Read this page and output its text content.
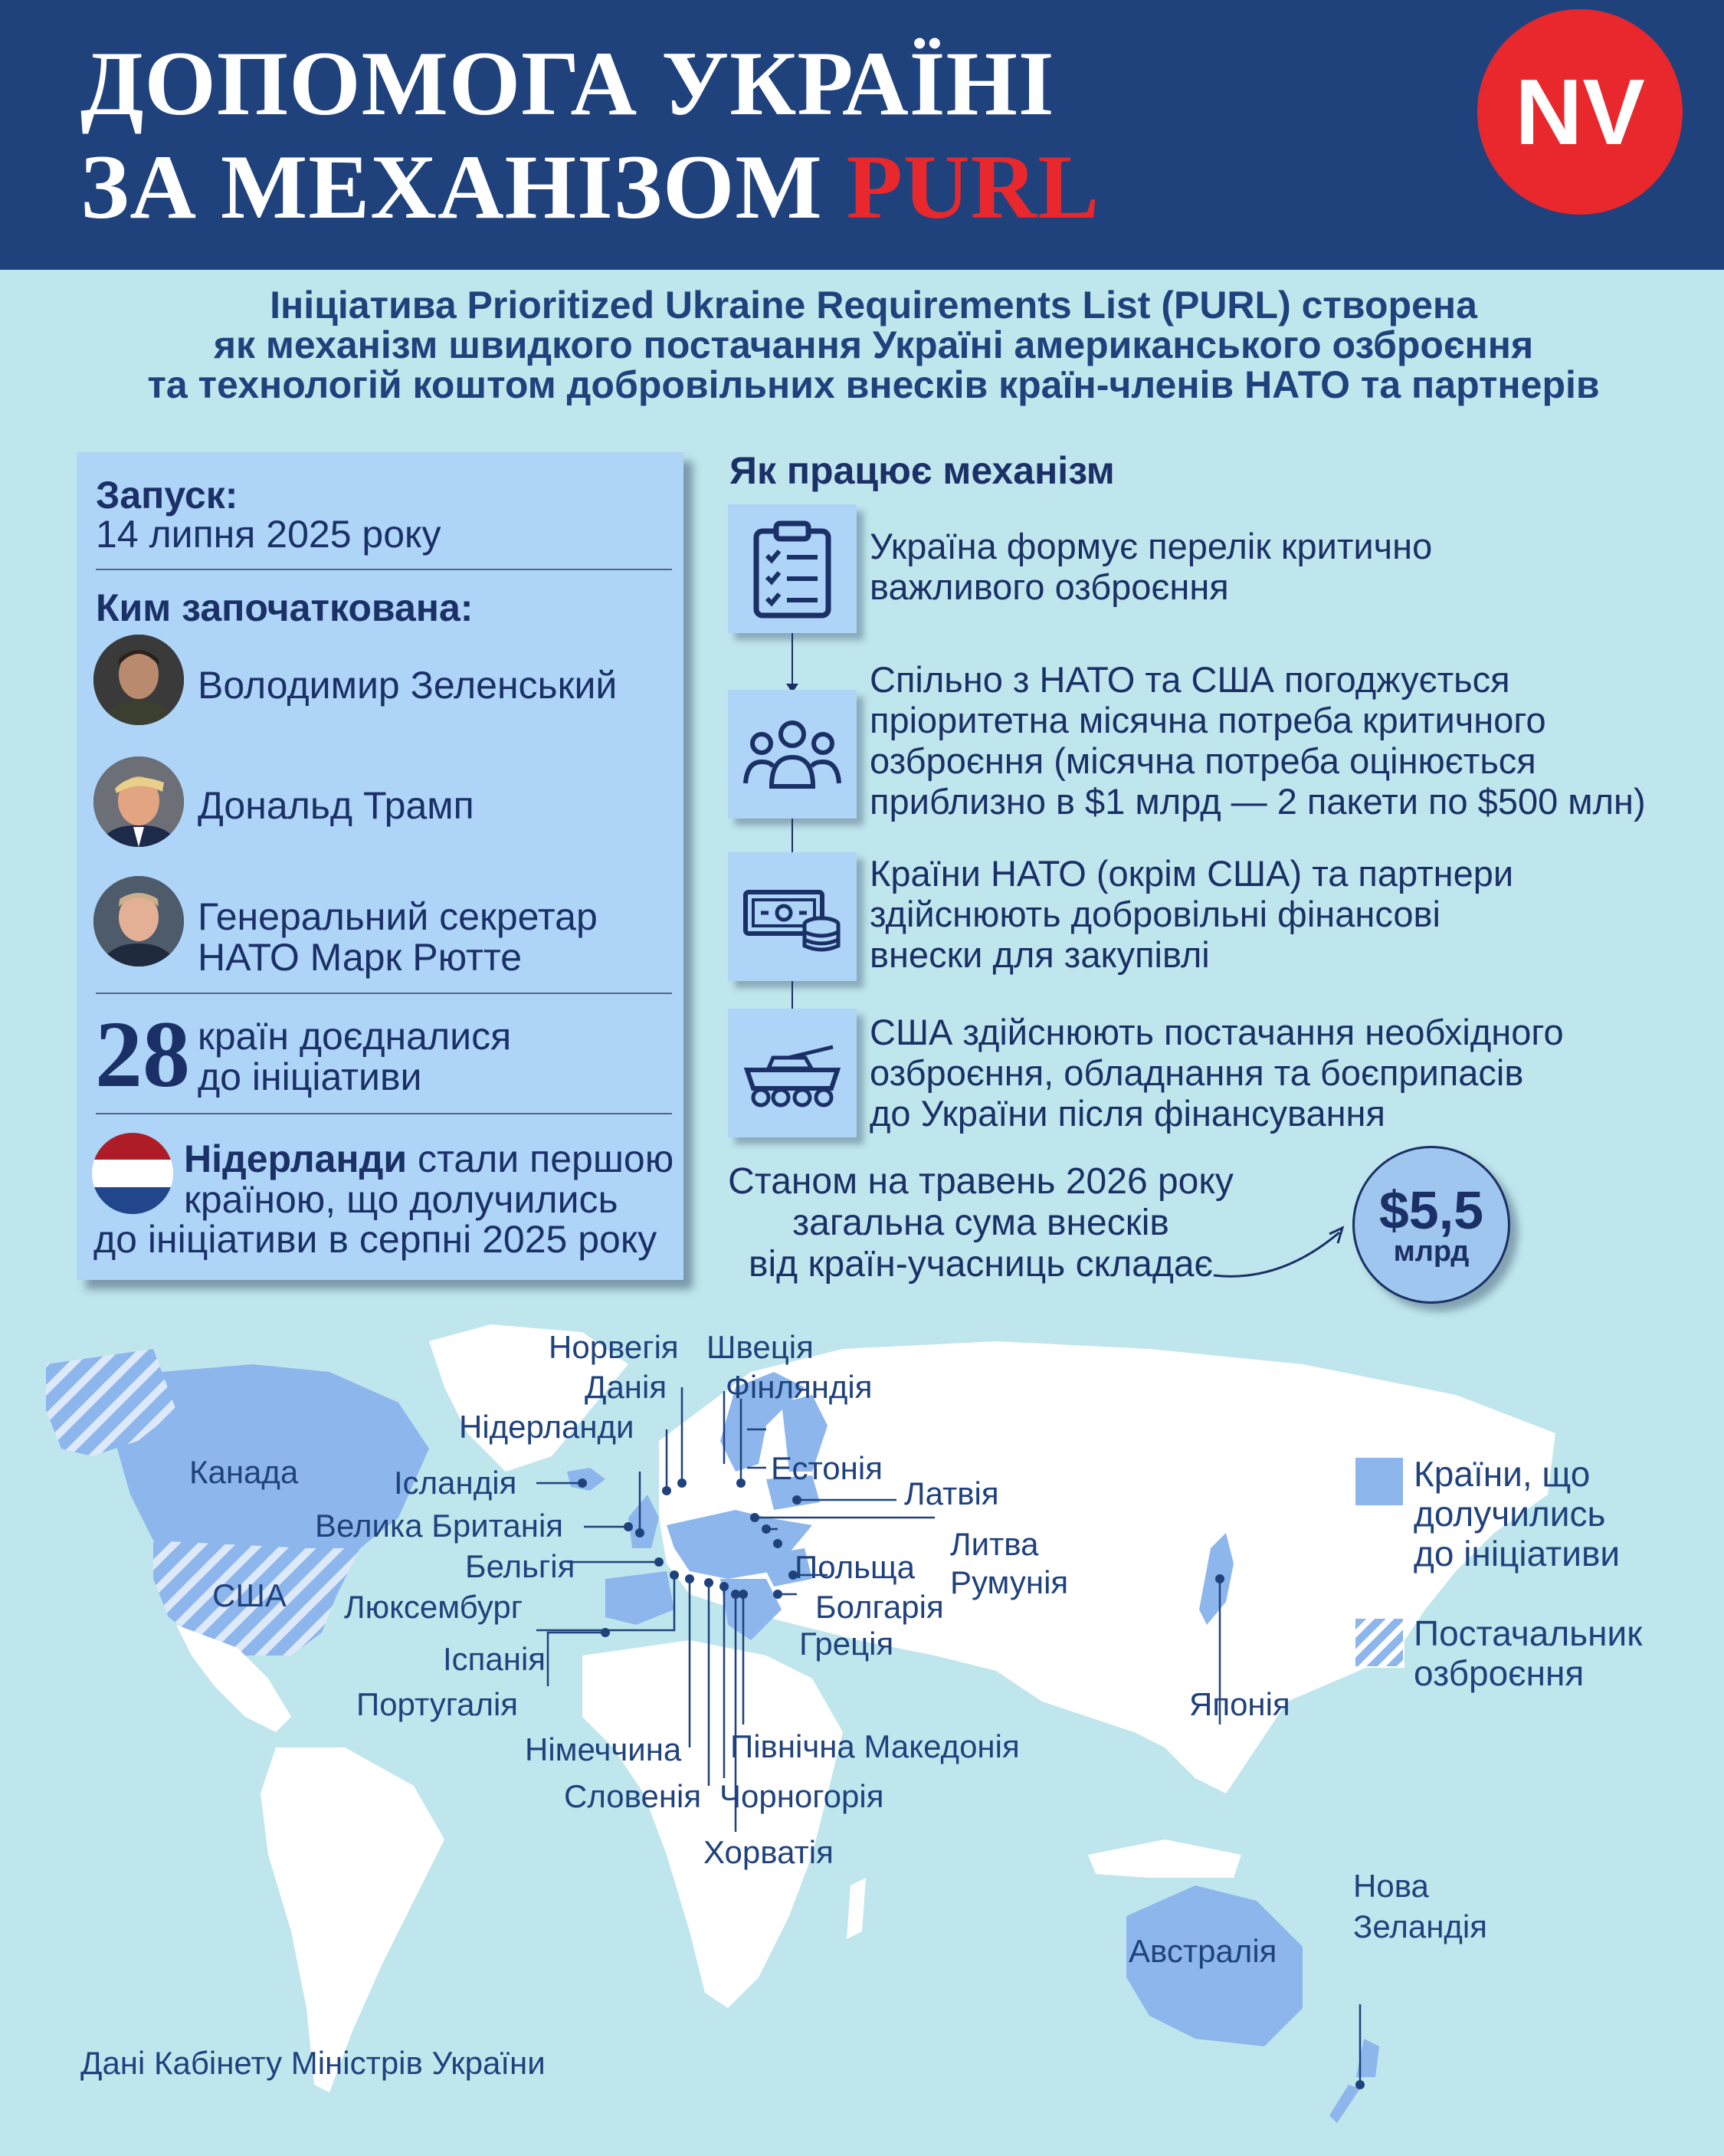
ДОПОМОГА УКРАЇНІ
ЗА МЕХАНІЗОМ PURL
NV
Ініціатива Prioritized Ukraine Requirements List (PURL) створена
як механізм швидкого постачання Україні американського озброєння
та технологій коштом добровільних внесків країн-членів НАТО та партнерів
Запуск:
14 липня 2025 року
Ким започаткована:
Володимир Зеленський
Дональд Трамп
Генеральний секретар
НАТО Марк Рютте
28 країн доєдналися
до ініціативи
Нідерланди стали першою
країною, що долучились
до ініціативи в серпні 2025 року
Як працює механізм
Україна формує перелік критично
важливого озброєння
Спільно з НАТО та США погоджується
пріоритетна місячна потреба критичного
озброєння (місячна потреба оцінюється
приблизно в $1 млрд — 2 пакети по $500 млн)
Країни НАТО (окрім США) та партнери
здійснюють добровільні фінансові
внески для закупівлі
США здійснюють постачання необхідного
озброєння, обладнання та боєприпасів
до України після фінансування
Станом на травень 2026 року
загальна сума внесків
від країн-учасниць складає
$5,5
млрд
Канада
США
Ісландія
Норвегія Швеція
Данія Фінляндія
Нідерланди
Естонія
Латвія
Велика Британія
Литва
Бельгія	Польща Румунія
Люксембург	Болгарія
Іспанія	Греція
Португалія
Німеччина Північна Македонія
Словенія Чорногорія
Хорватія
Японія
Австралія
Нова
Зеландія
Країни, що
долучились
до ініціативи
Постачальник
озброєння
Дані Кабінету Міністрів України
